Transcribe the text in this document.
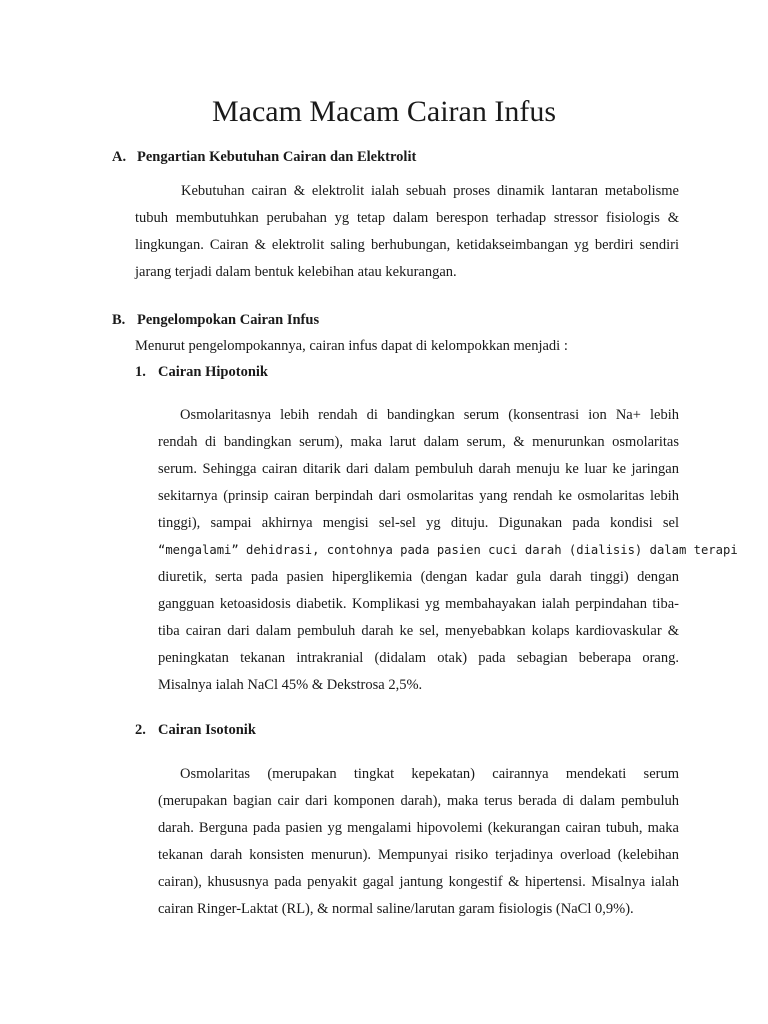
Macam Macam Cairan Infus
A. Pengartian Kebutuhan Cairan dan Elektrolit
Kebutuhan cairan & elektrolit ialah sebuah proses dinamik lantaran metabolisme
tubuh membutuhkan perubahan yg tetap dalam berespon terhadap stressor fisiologis &
lingkungan. Cairan & elektrolit saling berhubungan, ketidakseimbangan yg berdiri sendiri
jarang terjadi dalam bentuk kelebihan atau kekurangan.
B. Pengelompokan Cairan Infus
Menurut pengelompokannya, cairan infus dapat di kelompokkan menjadi :
1. Cairan Hipotonik
Osmolaritasnya lebih rendah di bandingkan serum (konsentrasi ion Na+ lebih
rendah di bandingkan serum), maka larut dalam serum, & menurunkan osmolaritas
serum. Sehingga cairan ditarik dari dalam pembuluh darah menuju ke luar ke jaringan
sekitarnya (prinsip cairan berpindah dari osmolaritas yang rendah ke osmolaritas lebih
tinggi), sampai akhirnya mengisi sel-sel yg dituju. Digunakan pada kondisi sel
“mengalami” dehidrasi, contohnya pada pasien cuci darah (dialisis) dalam terapi
diuretik, serta pada pasien hiperglikemia (dengan kadar gula darah tinggi) dengan
gangguan ketoasidosis diabetik. Komplikasi yg membahayakan ialah perpindahan tiba-
tiba cairan dari dalam pembuluh darah ke sel, menyebabkan kolaps kardiovaskular &
peningkatan tekanan intrakranial (didalam otak) pada sebagian beberapa orang.
Misalnya ialah NaCl 45% & Dekstrosa 2,5%.
2. Cairan Isotonik
Osmolaritas (merupakan tingkat kepekatan) cairannya mendekati serum
(merupakan bagian cair dari komponen darah), maka terus berada di dalam pembuluh
darah. Berguna pada pasien yg mengalami hipovolemi (kekurangan cairan tubuh, maka
tekanan darah konsisten menurun). Mempunyai risiko terjadinya overload (kelebihan
cairan), khususnya pada penyakit gagal jantung kongestif & hipertensi. Misalnya ialah
cairan Ringer-Laktat (RL), & normal saline/larutan garam fisiologis (NaCl 0,9%).
